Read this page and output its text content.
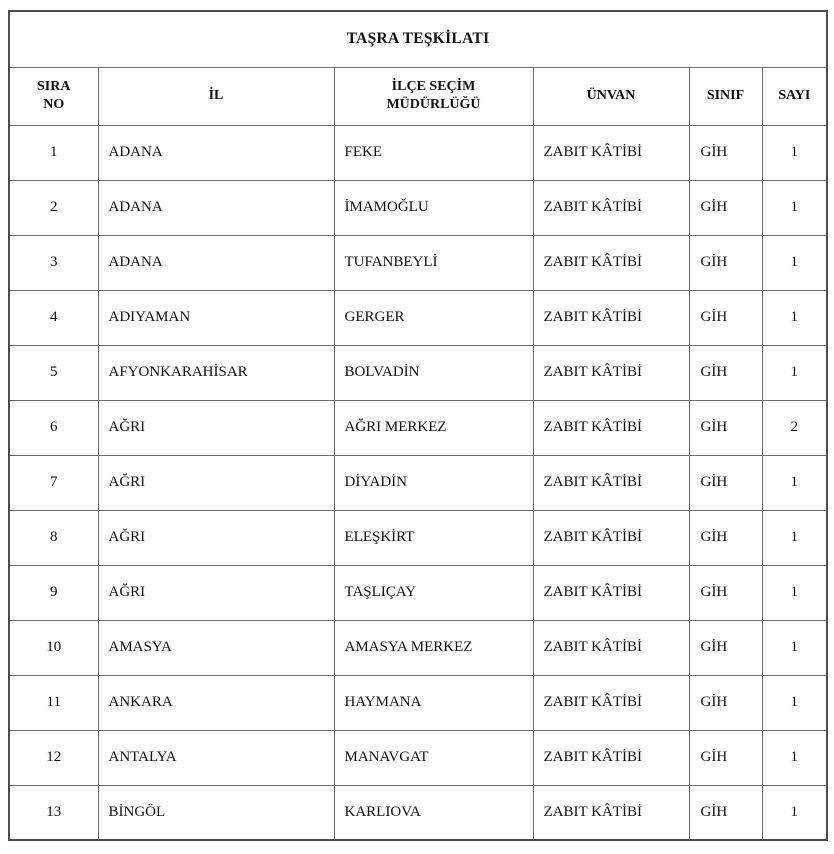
TAŞRA TEŞKİLATI					
SIRA NO	İL	İLÇE SEÇİM MÜDÜRLÜĞÜ	ÜNVAN	SINIF	SAYI
1	ADANA	FEKE	ZABIT KÂTİBİ	GİH	1
2	ADANA	İMAMOĞLU	ZABIT KÂTİBİ	GİH	1
3	ADANA	TUFANBEYLİ	ZABIT KÂTİBİ	GİH	1
4	ADIYAMAN	GERGER	ZABIT KÂTİBİ	GİH	1
5	AFYONKARAHİSAR	BOLVADİN	ZABIT KÂTİBİ	GİH	1
6	AĞRI	AĞRI MERKEZ	ZABIT KÂTİBİ	GİH	2
7	AĞRI	DİYADİN	ZABIT KÂTİBİ	GİH	1
8	AĞRI	ELEŞKİRT	ZABIT KÂTİBİ	GİH	1
9	AĞRI	TAŞLIÇAY	ZABIT KÂTİBİ	GİH	1
10	AMASYA	AMASYA MERKEZ	ZABIT KÂTİBİ	GİH	1
11	ANKARA	HAYMANA	ZABIT KÂTİBİ	GİH	1
12	ANTALYA	MANAVGAT	ZABIT KÂTİBİ	GİH	1
13	BİNGÖL	KARLIOVA	ZABIT KÂTİBİ	GİH	1
